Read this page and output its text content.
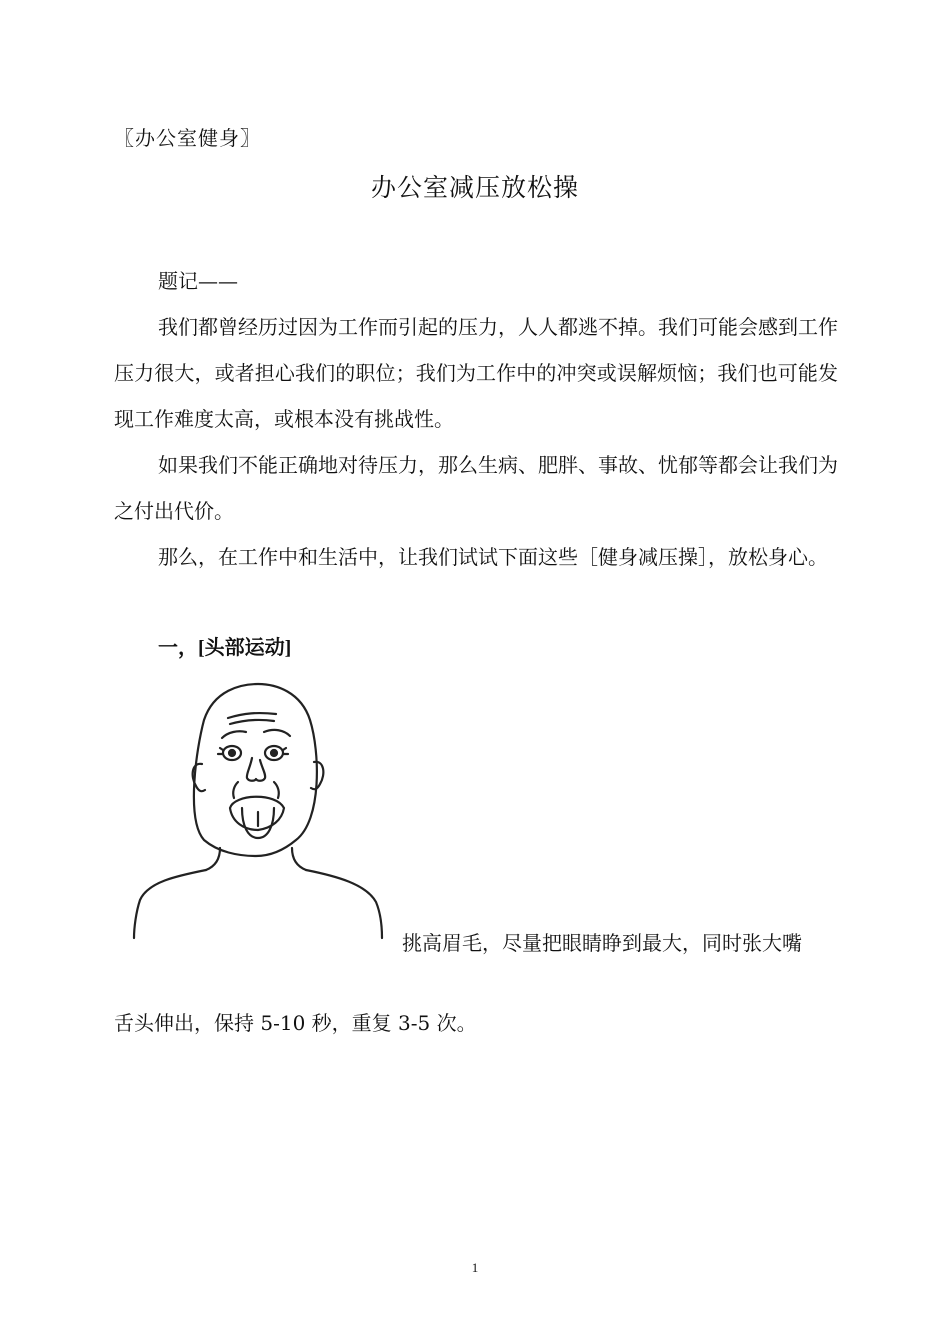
〖办公室健身〗
办公室减压放松操
题记——
我们都曾经历过因为工作而引起的压力，人人都逃不掉。我们可能会感到工作压力很大，或者担心我们的职位；我们为工作中的冲突或误解烦恼；我们也可能发现工作难度太高，或根本没有挑战性。
如果我们不能正确地对待压力，那么生病、肥胖、事故、忧郁等都会让我们为之付出代价。
那么，在工作中和生活中，让我们试试下面这些［健身减压操］，放松身心。
一，[头部运动]
挑高眉毛，尽量把眼睛睁到最大，同时张大嘴
舌头伸出，保持 5-10 秒，重复 3-5 次。
1
